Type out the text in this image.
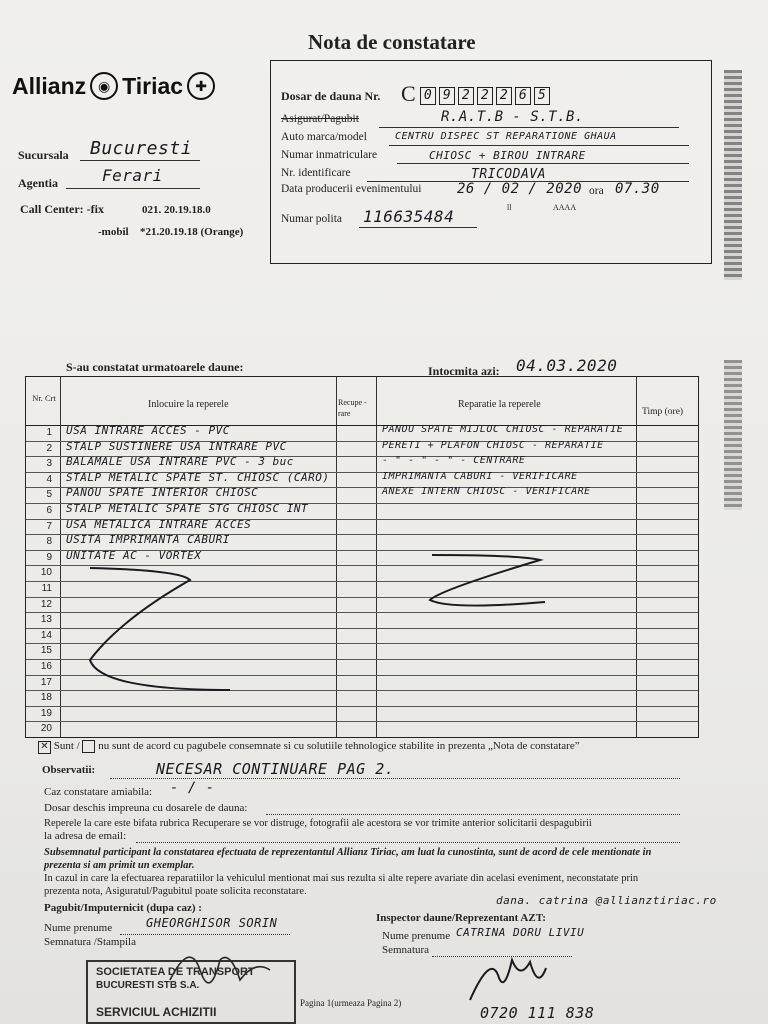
Nota de constatare
Allianz ◉ Tiriac ✚
Sucursala Bucuresti
Agentia	Ferari
Call Center: -fix	021. 20.19.18.0
-mobil *21.20.19.18 (Orange)
Dosar de dauna Nr. C 0 9 2 2 2 6 5
Asigurat/Pagubit	R.A.T.B - S.T.B.
Auto marca/model	CENTRU DISPEC ST REPARATIONE GHAUA
Numar inmatriculare	CHIOSC + BIROU INTRARE
Nr. identificare	TRICODAVA
Data producerii evenimentului	26 / 02 / 2020 ora 07.30
ll	AAAA
Numar polita 116635484
S-au constatat urmatoarele daune:	Intocmita azi: 04.03.2020
Nr. Crt
Inlocuire la reperele	Recupe -rare
Reparatie la reperele
Timp (ore)
1 USA INTRARE ACCES - PVC	PANOU SPATE MIJLOC CHIOSC - REPARATIE
2 STALP SUSTINERE USA INTRARE PVC	PERETI + PLAFON CHIOSC - REPARATIE
3 BALAMALE USA INTRARE PVC - 3 buc	- " - " - " - CENTRARE
4 STALP METALIC SPATE ST. CHIOSC (CARO)	IMPRIMANTA CABURI - VERIFICARE
5 PANOU SPATE INTERIOR CHIOSC	ANEXE INTERN CHIOSC - VERIFICARE
6 STALP METALIC SPATE STG CHIOSC INT
7 USA METALICA INTRARE ACCES
8 USITA IMPRIMANTA CABURI
9 UNITATE AC - VORTEX
10
11
12
13
14
15
16
17
18
19
20
✕ Sunt / nu sunt de acord cu pagubele consemnate si cu solutiile tehnologice stabilite in prezenta „Nota de constatare”
Observatii:	NECESAR CONTINUARE PAG 2.
Caz constatare amiabila: - / -
Dosar deschis impreuna cu dosarele de dauna:
Reperele la care este bifata rubrica Recuperare se vor distruge, fotografii ale acestora se vor trimite anterior solicitarii despagubirii
la adresa de email:
Subsemnatul participant la constatarea efectuata de reprezentantul Allianz Tiriac, am luat la cunostinta, sunt de acord de cele mentionate in prezenta si am primit un exemplar.
In cazul in care la efectuarea reparatiilor la vehiculul mentionat mai sus rezulta si alte repere avariate din acelasi eveniment, neconstatate prin prezenta nota, Asiguratul/Pagubitul poate solicita reconstatare.
dana. catrina @allianztiriac.ro
Pagubit/Imputernicit (dupa caz) :
Inspector daune/Reprezentant AZT:
Nume prenume	GHEORGHISOR SORIN
Semnatura /Stampila	Nume prenume CATRINA DORU LIVIU
Semnatura
0720 111 838
Pagina 1(urmeaza Pagina 2)
SOCIETATEA DE TRANSPORT
BUCURESTI STB S.A.
SERVICIUL ACHIZITII
